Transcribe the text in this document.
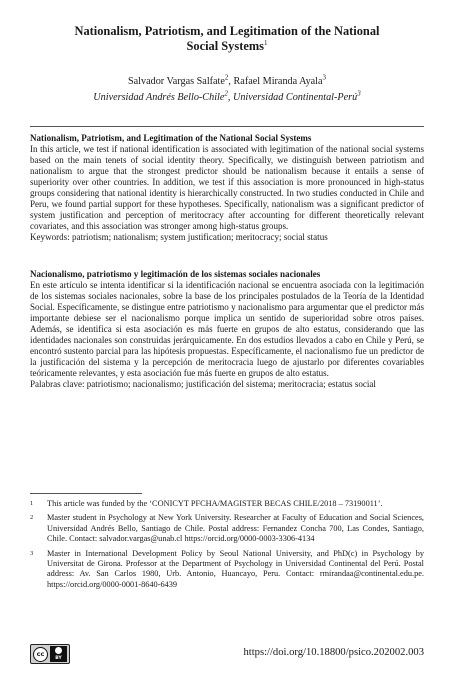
Nationalism, Patriotism, and Legitimation of the National
Social Systems$^1$
Salvador Vargas Salfate$^2$, Rafael Miranda Ayala$^3$
Universidad Andrés Bello-Chile$^2$, Universidad Continental-Perú$^3$

Nationalism, Patriotism, and Legitimation of the National Social Systems

In this article, we test if national identification is associated with legitimation of the national social systems based on the main tenets of social identity theory. Specifically, we distinguish between patriotism and nationalism to argue that the strongest predictor should be nationalism because it entails a sense of superiority over other countries. In addition, we test if this association is more pronounced in high-status groups considering that national identity is hierarchically constructed. In two studies conducted in Chile and Peru, we found partial support for these hypotheses. Specifically, nationalism was a significant predictor of system justification and perception of meritocracy after accounting for different theoretically relevant covariates, and this association was stronger among high-status groups.

Keywords: patriotism; nationalism; system justification; meritocracy; social status

Nacionalismo, patriotismo y legitimación de los sistemas sociales nacionales

En este artículo se intenta identificar si la identificación nacional se encuentra asociada con la legitimación de los sistemas sociales nacionales, sobre la base de los principales postulados de la Teoría de la Identidad Social. Específicamente, se distingue entre patriotismo y nacionalismo para argumentar que el predictor más importante debiese ser el nacionalismo porque implica un sentido de superioridad sobre otros países. Además, se identifica si esta asociación es más fuerte en grupos de alto estatus, considerando que las identidades nacionales son construidas jerárquicamente. En dos estudios llevados a cabo en Chile y Perú, se encontró sustento parcial para las hipótesis propuestas. Específicamente, el nacionalismo fue un predictor de la justificación del sistema y la percepción de meritocracia luego de ajustarlo por diferentes covariables teóricamente relevantes, y esta asociación fue más fuerte en grupos de alto estatus.

Palabras clave: patriotismo; nacionalismo; justificación del sistema; meritocracia; estatus social

1 This article was funded by the ‘CONICYT PFCHA/MAGISTER BECAS CHILE/2018 – 73190011’.
2 Master student in Psychology at New York University. Researcher at Faculty of Education and Social Sciences, Universidad Andrés Bello, Santiago de Chile. Postal address: Fernandez Concha 700, Las Condes, Santiago, Chile. Contact: salvador.vargas@unab.cl https://orcid.org/0000-0003-3306-4134
3 Master in International Development Policy by Seoul National University, and PhD(c) in Psychology by Universitat de Girona. Professor at the Department of Psychology in Universidad Continental del Perú. Postal address: Av. San Carlos 1980, Urb. Antonio, Huancayo, Peru. Contact: rmirandaa@continental.edu.pe. https://orcid.org/0000-0001-8640-6439
cc
BY
https://doi.org/10.18800/psico.202002.003
